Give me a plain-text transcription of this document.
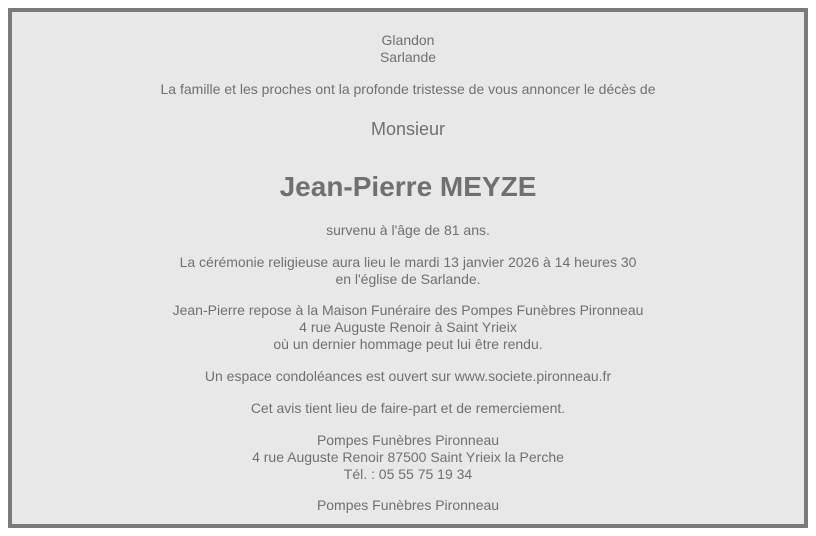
Glandon
Sarlande
La famille et les proches ont la profonde tristesse de vous annoncer le décès de
Monsieur
Jean-Pierre MEYZE
survenu à l'âge de 81 ans.
La cérémonie religieuse aura lieu le mardi 13 janvier 2026 à 14 heures 30
en l'église de Sarlande.
Jean-Pierre repose à la Maison Funéraire des Pompes Funèbres Pironneau
4 rue Auguste Renoir à Saint Yrieix
où un dernier hommage peut lui être rendu.
Un espace condoléances est ouvert sur www.societe.pironneau.fr
Cet avis tient lieu de faire-part et de remerciement.
Pompes Funèbres Pironneau
4 rue Auguste Renoir 87500 Saint Yrieix la Perche
Tél. : 05 55 75 19 34
Pompes Funèbres Pironneau
